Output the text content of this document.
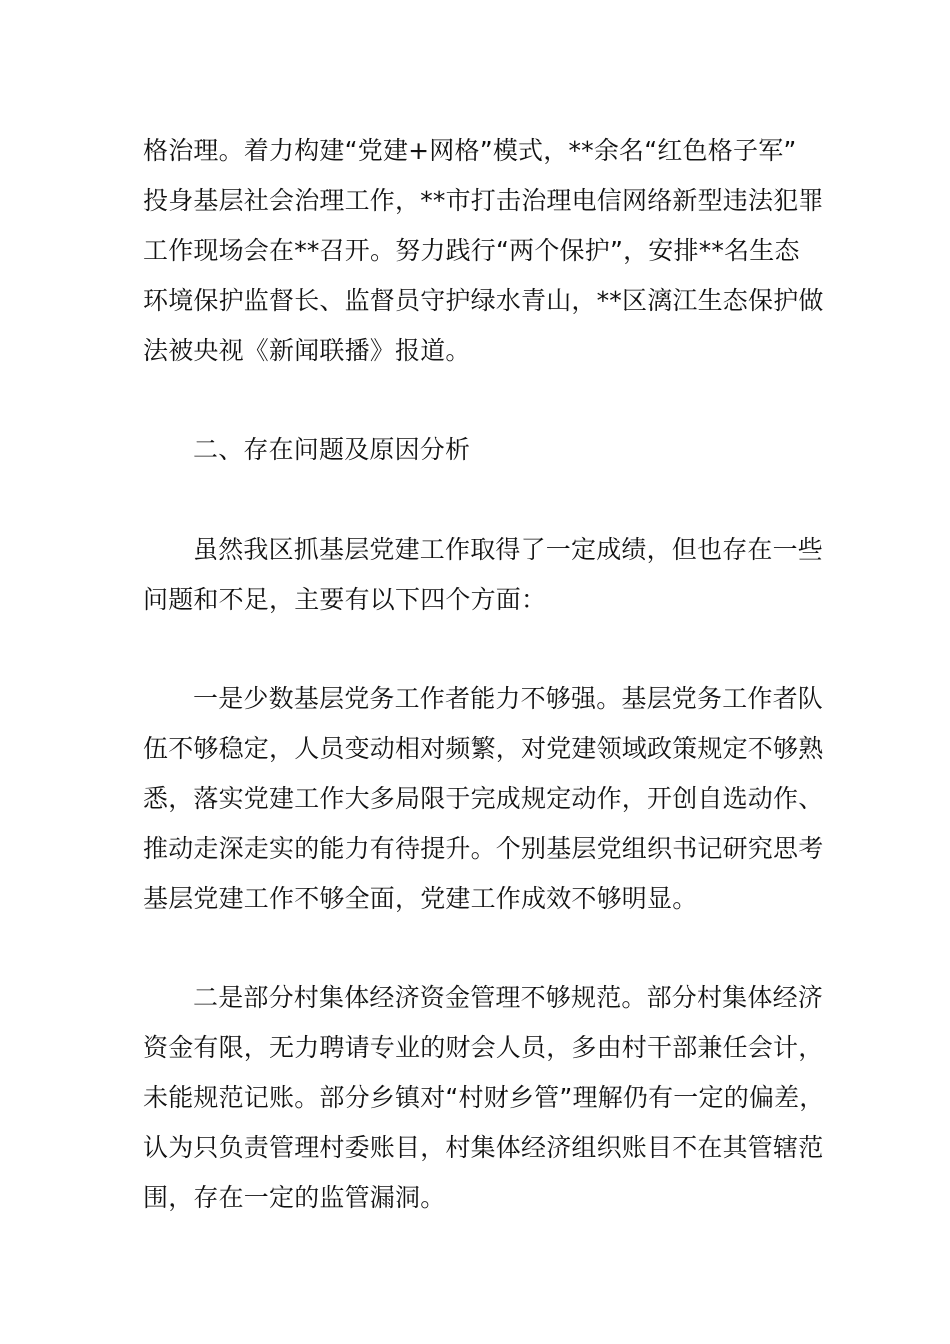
格治理。着力构建“党建+网格”模式，**余名“红色格子军”
投身基层社会治理工作，**市打击治理电信网络新型违法犯罪
工作现场会在**召开。努力践行“两个保护”，安排**名生态
环境保护监督长、监督员守护绿水青山，**区漓江生态保护做
法被央视《新闻联播》报道。
二、存在问题及原因分析
虽然我区抓基层党建工作取得了一定成绩，但也存在一些
问题和不足，主要有以下四个方面：
一是少数基层党务工作者能力不够强。基层党务工作者队
伍不够稳定，人员变动相对频繁，对党建领域政策规定不够熟
悉，落实党建工作大多局限于完成规定动作，开创自选动作、
推动走深走实的能力有待提升。个别基层党组织书记研究思考
基层党建工作不够全面，党建工作成效不够明显。
二是部分村集体经济资金管理不够规范。部分村集体经济
资金有限，无力聘请专业的财会人员，多由村干部兼任会计，
未能规范记账。部分乡镇对“村财乡管”理解仍有一定的偏差，
认为只负责管理村委账目，村集体经济组织账目不在其管辖范
围，存在一定的监管漏洞。
